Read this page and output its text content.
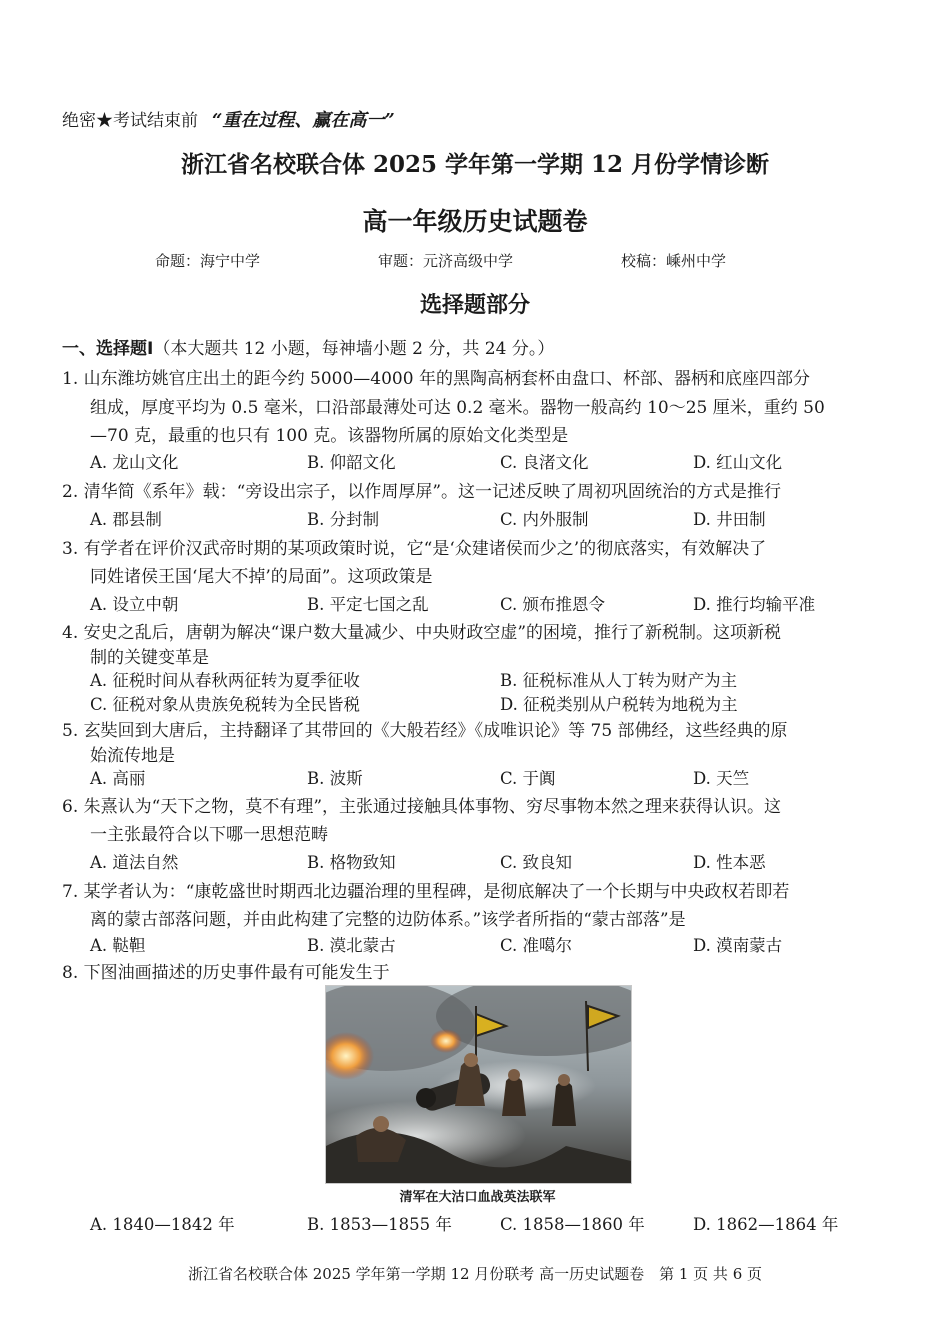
绝密★考试结束前 “重在过程、赢在高一”
浙江省名校联合体 2025 学年第一学期 12 月份学情诊断
高一年级历史试题卷
命题：海宁中学	审题：元济高级中学	校稿：嵊州中学
选择题部分
一、选择题Ⅰ（本大题共 12 小题，每神墙小题 2 分，共 24 分。）
1. 山东潍坊姚官庄出土的距今约 5000—4000 年的黑陶高柄套杯由盘口、杯部、器柄和底座四部分
组成，厚度平均为 0.5 毫米，口沿部最薄处可达 0.2 毫米。器物一般高约 10～25 厘米，重约 50
—70 克，最重的也只有 100 克。该器物所属的原始文化类型是
A. 龙山文化	B. 仰韶文化	C. 良渚文化	D. 红山文化
2. 清华简《系年》载：“旁设出宗子，以作周厚屏”。这一记述反映了周初巩固统治的方式是推行
A. 郡县制	B. 分封制	C. 内外服制	D. 井田制
3. 有学者在评价汉武帝时期的某项政策时说，它“是‘众建诸侯而少之’的彻底落实，有效解决了
同姓诸侯王国‘尾大不掉’的局面”。这项政策是
A. 设立中朝	B. 平定七国之乱	C. 颁布推恩令	D. 推行均输平准
4. 安史之乱后，唐朝为解决“课户数大量减少、中央财政空虚”的困境，推行了新税制。这项新税
制的关键变革是
A. 征税时间从春秋两征转为夏季征收	B. 征税标准从人丁转为财产为主
C. 征税对象从贵族免税转为全民皆税	D. 征税类别从户税转为地税为主
5. 玄奘回到大唐后，主持翻译了其带回的《大般若经》《成唯识论》等 75 部佛经，这些经典的原
始流传地是
A. 高丽	B. 波斯	C. 于阗	D. 天竺
6. 朱熹认为“天下之物，莫不有理”，主张通过接触具体事物、穷尽事物本然之理来获得认识。这
一主张最符合以下哪一思想范畴
A. 道法自然	B. 格物致知	C. 致良知	D. 性本恶
7. 某学者认为：“康乾盛世时期西北边疆治理的里程碑，是彻底解决了一个长期与中央政权若即若
离的蒙古部落问题，并由此构建了完整的边防体系。”该学者所指的“蒙古部落”是
A. 鞑靼	B. 漠北蒙古	C. 准噶尔	D. 漠南蒙古
8. 下图油画描述的历史事件最有可能发生于
清军在大沽口血战英法联军
A. 1840—1842 年	B. 1853—1855 年	C. 1858—1860 年	D. 1862—1864 年
浙江省名校联合体 2025 学年第一学期 12 月份联考 高一历史试题卷　第 1 页 共 6 页
